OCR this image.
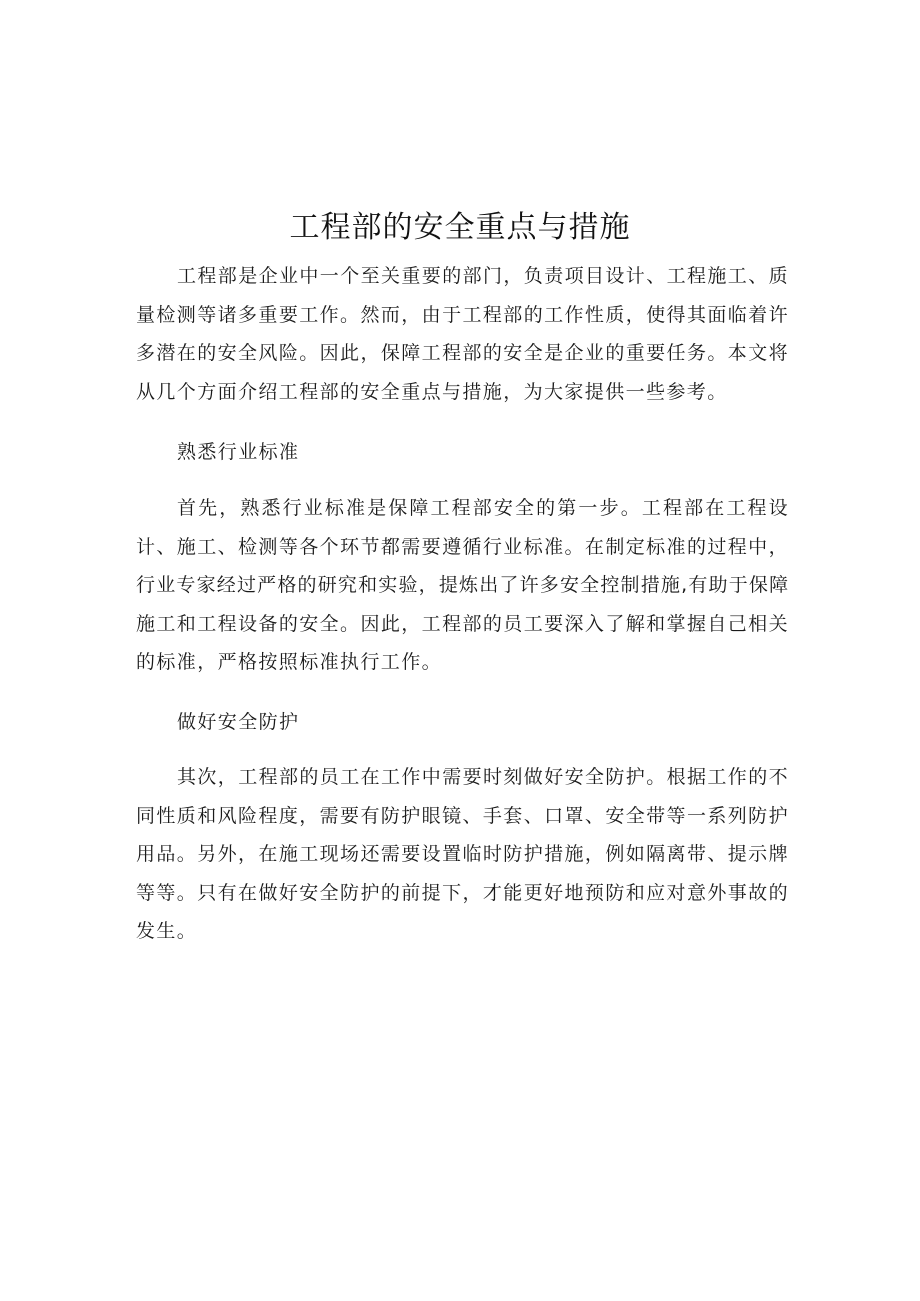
工程部的安全重点与措施
工程部是企业中一个至关重要的部门，负责项目设计、工程施工、质
量检测等诸多重要工作。然而，由于工程部的工作性质，使得其面临着许
多潜在的安全风险。因此，保障工程部的安全是企业的重要任务。本文将
从几个方面介绍工程部的安全重点与措施，为大家提供一些参考。
熟悉行业标准
首先，熟悉行业标准是保障工程部安全的第一步。工程部在工程设
计、施工、检测等各个环节都需要遵循行业标准。在制定标准的过程中，
行业专家经过严格的研究和实验，提炼出了许多安全控制措施,有助于保障
施工和工程设备的安全。因此，工程部的员工要深入了解和掌握自己相关
的标准，严格按照标准执行工作。
做好安全防护
其次，工程部的员工在工作中需要时刻做好安全防护。根据工作的不
同性质和风险程度，需要有防护眼镜、手套、口罩、安全带等一系列防护
用品。另外，在施工现场还需要设置临时防护措施，例如隔离带、提示牌
等等。只有在做好安全防护的前提下，才能更好地预防和应对意外事故的
发生。
